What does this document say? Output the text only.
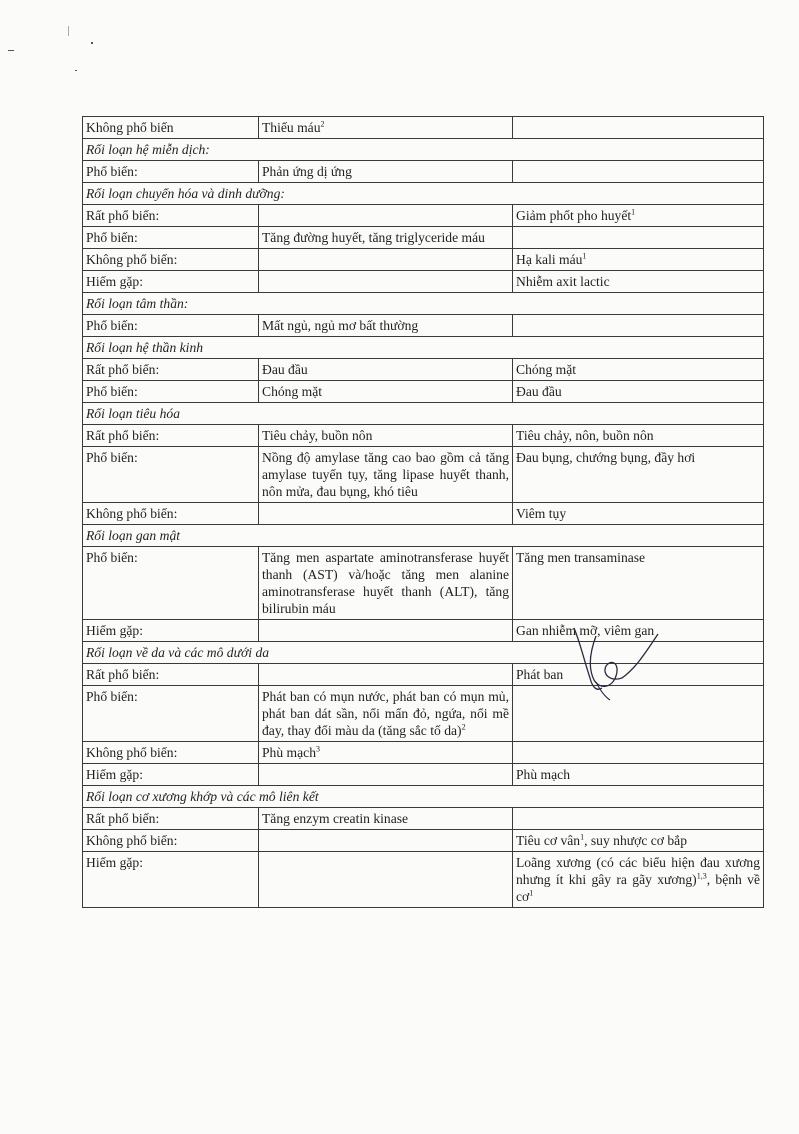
Không phổ biến	Thiếu máu$^2$	
Rối loạn hệ miễn dịch:		
Phổ biến:	Phản ứng dị ứng	
Rối loạn chuyển hóa và dinh dưỡng:		
Rất phổ biến:		Giảm phốt pho huyết$^1$
Phổ biến:	Tăng đường huyết, tăng triglyceride máu	
Không phổ biến:		Hạ kali máu$^1$
Hiếm gặp:		Nhiễm axit lactic
Rối loạn tâm thần:		
Phổ biến:	Mất ngủ, ngủ mơ bất thường	
Rối loạn hệ thần kinh		
Rất phổ biến:	Đau đầu	Chóng mặt
Phổ biến:	Chóng mặt	Đau đầu
Rối loạn tiêu hóa		
Rất phổ biến:	Tiêu chảy, buồn nôn	Tiêu chảy, nôn, buồn nôn
Phổ biến:	Nồng độ amylase tăng cao bao gồm cả tăng amylase tuyến tụy, tăng lipase huyết thanh, nôn mửa, đau bụng, khó tiêu	Đau bụng, chướng bụng, đầy hơi
Không phổ biến:		Viêm tụy
Rối loạn gan mật		
Phổ biến:	Tăng men aspartate aminotransferase huyết thanh (AST) và/hoặc tăng men alanine aminotransferase huyết thanh (ALT), tăng bilirubin máu	Tăng men transaminase
Hiếm gặp:		Gan nhiễm mỡ, viêm gan
Rối loạn về da và các mô dưới da		
Rất phổ biến:		Phát ban
Phổ biến:	Phát ban có mụn nước, phát ban có mụn mủ, phát ban dát sần, nổi mẩn đỏ, ngứa, nổi mề đay, thay đổi màu da (tăng sắc tố da)$^2$	
Không phổ biến:	Phù mạch$^3$	
Hiếm gặp:		Phù mạch
Rối loạn cơ xương khớp và các mô liên kết		
Rất phổ biến:	Tăng enzym creatin kinase	
Không phổ biến:		Tiêu cơ vân$^1$, suy nhược cơ bắp
Hiếm gặp:		Loãng xương (có các biểu hiện đau xương nhưng ít khi gây ra gãy xương)$^{1,3}$, bệnh về $cơ^1$
